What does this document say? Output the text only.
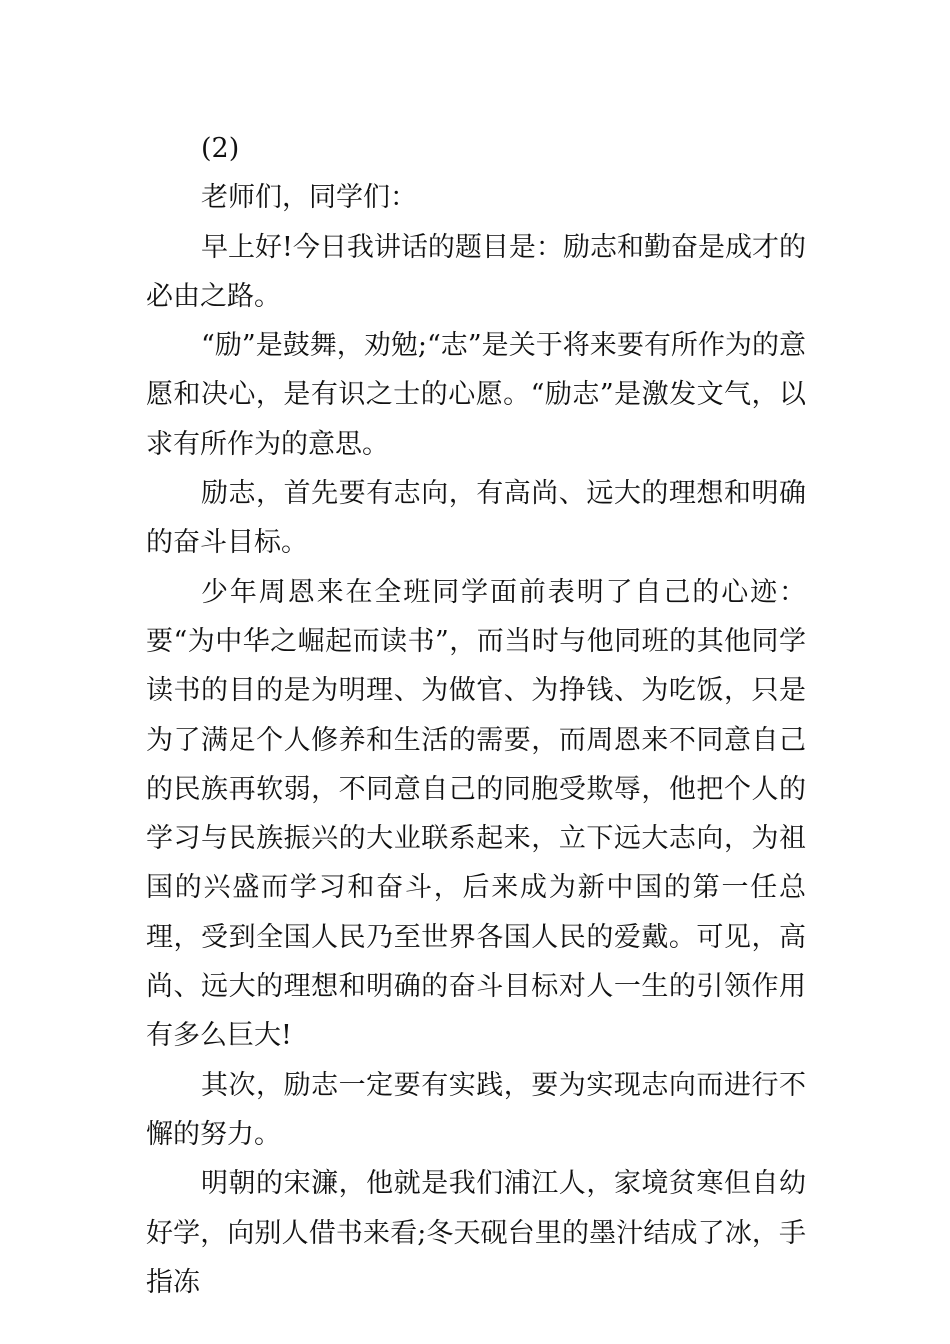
(2)

老师们，同学们：

早上好!今日我讲话的题目是：励志和勤奋是成才的必由之路。

“励”是鼓舞，劝勉;“志”是关于将来要有所作为的意愿和决心，是有识之士的心愿。“励志”是激发文气，以求有所作为的意思。

励志，首先要有志向，有高尚、远大的理想和明确的奋斗目标。

少年周恩来在全班同学面前表明了自己的心迹：要“为中华之崛起而读书”，而当时与他同班的其他同学读书的目的是为明理、为做官、为挣钱、为吃饭，只是为了满足个人修养和生活的需要，而周恩来不同意自己的民族再软弱，不同意自己的同胞受欺辱，他把个人的学习与民族振兴的大业联系起来，立下远大志向，为祖国的兴盛而学习和奋斗，后来成为新中国的第一任总理，受到全国人民乃至世界各国人民的爱戴。可见，高尚、远大的理想和明确的奋斗目标对人一生的引领作用有多么巨大!

其次，励志一定要有实践，要为实现志向而进行不懈的努力。

明朝的宋濂，他就是我们浦江人，家境贫寒但自幼好学，向别人借书来看;冬天砚台里的墨汁结成了冰，手指冻
